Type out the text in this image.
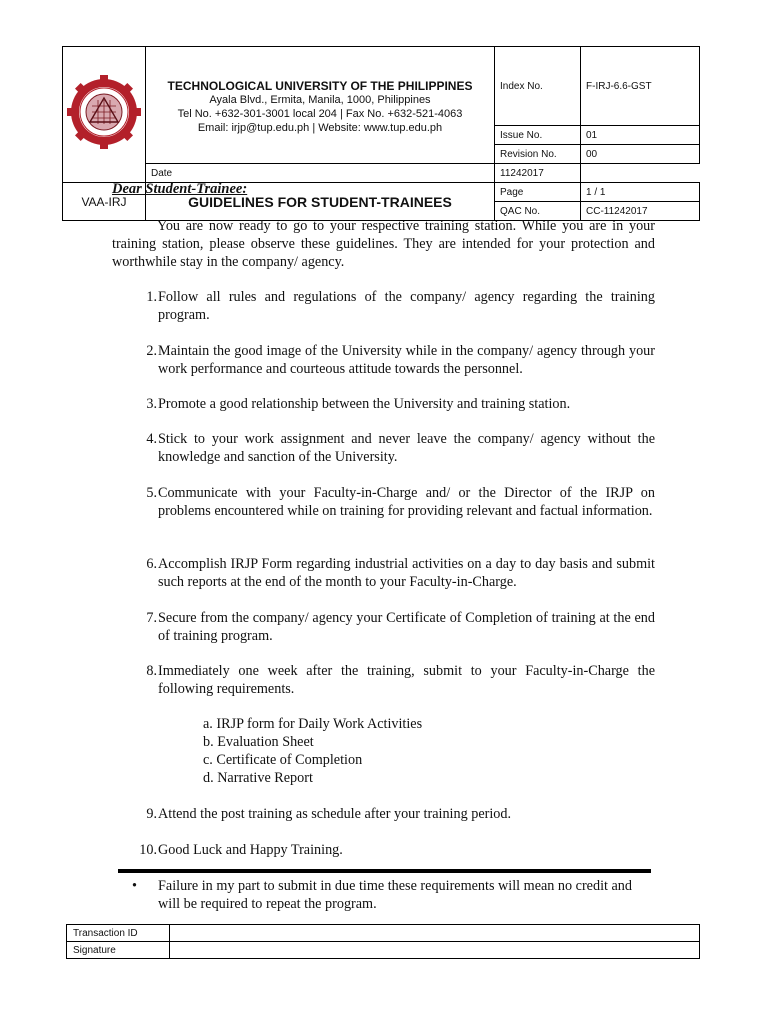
TECHNOLOGICAL UNIVERSITY OF THE PHILIPPINES
Ayala Blvd., Ermita, Manila, 1000, Philippines
Tel No. +632-301-3001 local 204 | Fax No. +632-521-4063
Email: irjp@tup.edu.ph | Website: www.tup.edu.ph	Index No.	F-IRJ-6.6-GST
		Issue No.	01
		Revision No.	00
	Date	11242017	
VAA-IRJ	GUIDELINES FOR STUDENT-TRAINEES	Page	1 / 1
		QAC No.	CC-11242017
Dear Student-Trainee:

You are now ready to go to your respective training station. While you are in your training station, please observe these guidelines. They are intended for your protection and worthwhile stay in the company/ agency.

1. Follow all rules and regulations of the company/ agency regarding the training program.
2. Maintain the good image of the University while in the company/ agency through your work performance and courteous attitude towards the personnel.
3. Promote a good relationship between the University and training station.
4. Stick to your work assignment and never leave the company/ agency without the knowledge and sanction of the University.
5. Communicate with your Faculty-in-Charge and/ or the Director of the IRJP on problems encountered while on training for providing relevant and factual information.
6. Accomplish IRJP Form regarding industrial activities on a day to day basis and submit such reports at the end of the month to your Faculty-in-Charge.
7. Secure from the company/ agency your Certificate of Completion of training at the end of training program.
8. Immediately one week after the training, submit to your Faculty-in-Charge the following requirements.
a. IRJP form for Daily Work Activities
b. Evaluation Sheet
c. Certificate of Completion
d. Narrative Report
9. Attend the post training as schedule after your training period.
10. Good Luck and Happy Training.
• Failure in my part to submit in due time these requirements will mean no credit and will be required to repeat the program.
Transaction ID	
Signature	
